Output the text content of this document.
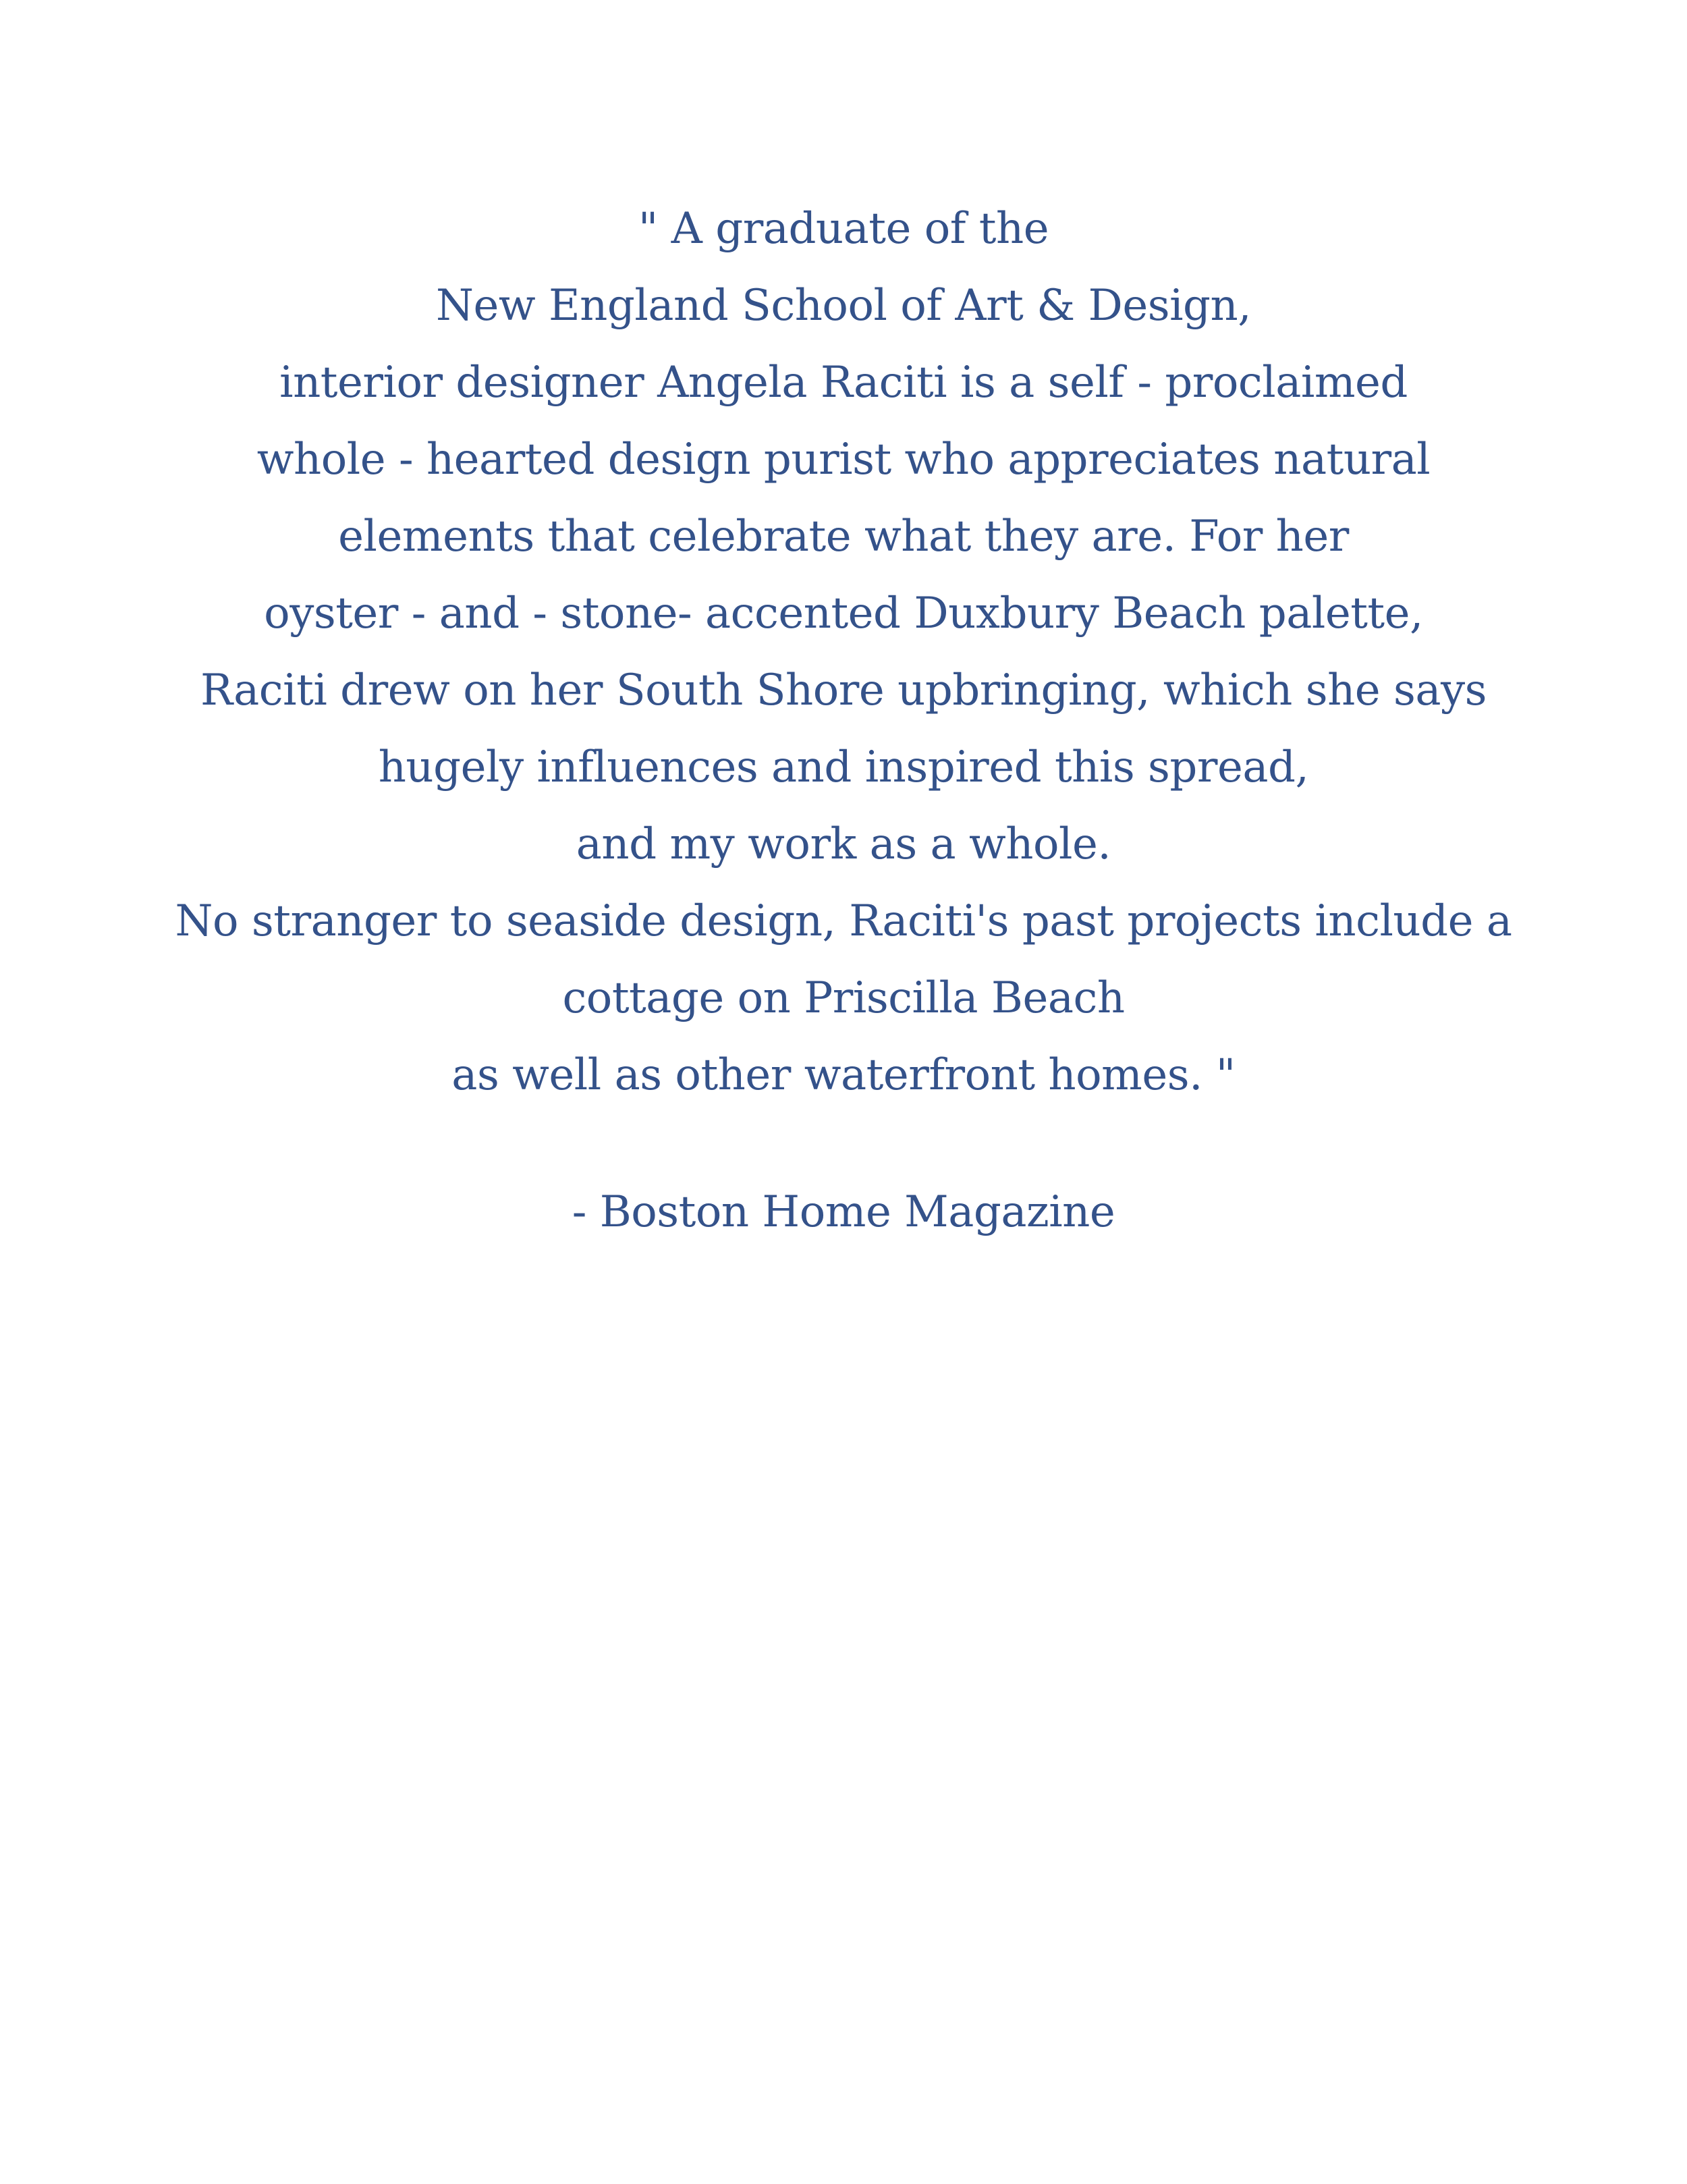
" A graduate of the
New England School of Art & Design,
interior designer Angela Raciti is a self - proclaimed
whole - hearted design purist who appreciates natural
elements that celebrate what they are. For her
oyster - and - stone- accented Duxbury Beach palette,
Raciti drew on her South Shore upbringing, which she says
hugely influences and inspired this spread,
and my work as a whole.
No stranger to seaside design, Raciti's past projects include a
cottage on Priscilla Beach
as well as other waterfront homes. "

- Boston Home Magazine
